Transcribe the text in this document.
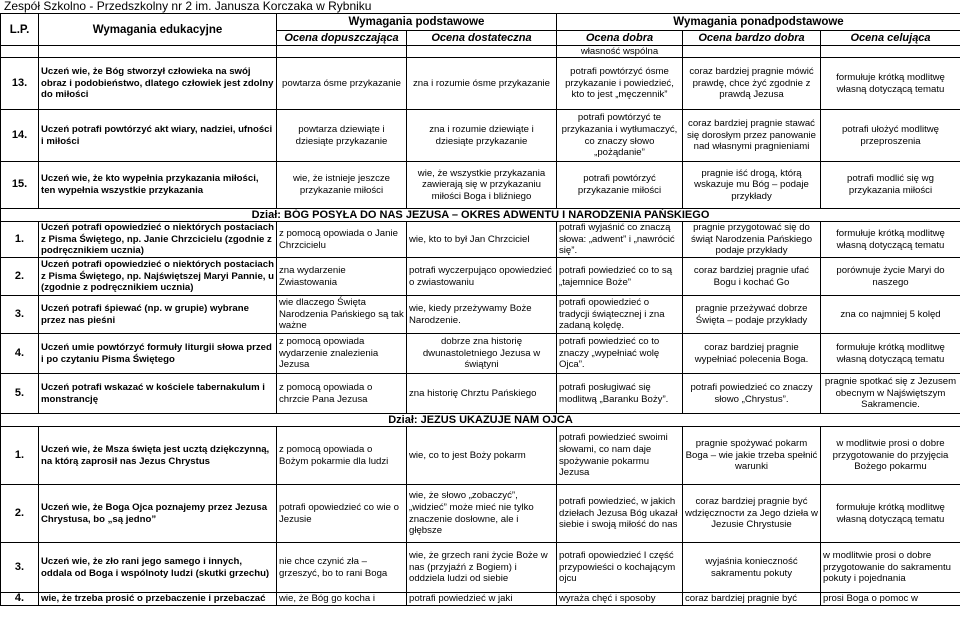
Zespół Szkolno - Przedszkolny nr 2 im. Janusza Korczaka w Rybniku
L.P.	Wymagania edukacyjne	Wymagania podstawowe		Wymagania ponadpodstawowe		
		Ocena dopuszczająca	Ocena dostateczna	Ocena dobra	Ocena bardzo dobra	Ocena celująca
				własność wspólna		
13.	Uczeń wie, że Bóg stworzył człowieka na swój obraz i podobieństwo, dlatego człowiek jest zdolny do miłości	powtarza ósme przykazanie	zna i rozumie ósme przykazanie	potrafi powtórzyć ósme przykazanie i powiedzieć, kto to jest „męczennik”	coraz bardziej pragnie mówić prawdę, chce żyć zgodnie z prawdą Jezusa	formułuje krótką modlitwę własną dotyczącą tematu
14.	Uczeń potrafi powtórzyć akt wiary, nadziei, ufności i miłości	powtarza dziewiąte i dziesiąte przykazanie	zna i rozumie dziewiąte i dziesiąte przykazanie	potrafi powtórzyć te przykazania i wytłumaczyć, co znaczy słowo „pożądanie”	coraz bardziej pragnie stawać się dorosłym przez panowanie nad własnymi pragnieniami	potrafi ułożyć modlitwę przeproszenia
15.	Uczeń wie, że kto wypełnia przykazania miłości, ten wypełnia wszystkie przykazania	wie, że istnieje jeszcze przykazanie miłości	wie, że wszystkie przykazania zawierają się w przykazaniu miłości Boga i bliźniego	potrafi powtórzyć przykazanie miłości	pragnie iść drogą, którą wskazuje mu Bóg – podaje przykłady	potrafi modlić się wg przykazania miłości
Dział: BÓG POSYŁA DO NAS JEZUSA – OKRES ADWENTU I NARODZENIA PAŃSKIEGO						
1.	Uczeń potrafi opowiedzieć o niektórych postaciach z Pisma Świętego, np. Janie Chrzcicielu (zgodnie z podręcznikiem uczniа)	z pomocą opowiada o Janie Chrzcicielu	wie, kto to był Jan Chrzciciel	potrafi wyjaśnić co znaczą słowa: „adwent” i „nawrócić się”.	pragnie przygotować się do świąt Narodzenia Pańskiego podaje przykłady	formułuje krótką modlitwę własną dotyczącą tematu
2.	Uczeń potrafi opowiedzieć o niektórych postaciach z Pisma Świętego, np. Najświętszej Maryi Pannie, u (zgodnie z podręcznikiem uczniа)	zna wydarzenie Zwiastowania	potrafi wyczerpująco opowiedzieć o zwiastowaniu	potrafi powiedzieć co to są „tajemnice Boże”	coraz bardziej pragnie ufać Bogu i kochać Go	porównuje życie Maryi do naszego
3.	Uczeń potrafi śpiewać (np. w grupie) wybrane przez nas pieśni	wie dlaczego Święta Narodzenia Pańskiego są tak ważne	wie, kiedy przeżywamy Boże Narodzenie.	potrafi opowiedzieć o tradycji świątecznej i zna zadaną kolędę.	pragnie przeżywać dobrze Święta – podaje przykłady	zna co najmniej 5 kolęd
4.	Uczeń umie powtórzyć formuły liturgii słowa przed i po czytaniu Pisma Świętego	z pomocą opowiada wydarzenie znalezienia Jezusa	dobrze zna historię dwunastoletniego Jezusa w świątyni	potrafi powiedzieć co to znaczy „wypełniać wolę Ojca”.	coraz bardziej pragnie wypełniać polecenia Boga.	formułuje krótką modlitwę własną dotyczącą tematu
5.	Uczeń potrafi wskazać w kościele tabernakulum i monstrancję	z pomocą opowiada o chrzcie Pana Jezusa	zna historię Chrztu Pańskiego	potrafi posługiwać się modlitwą „Baranku Boży”.	potrafi powiedzieć co znaczy słowo „Chrystus”.	pragnie spotkać się z Jezusem obecnym w Najświętszym Sakramencie.
Dział: JEZUS UKAZUJE NAM OJCA						
1.	Uczeń wie, że Msza święta jest ucztą dziękczynną, na którą zaprosił nas Jezus Chrystus	z pomocą opowiada o Bożym pokarmie dla ludzi	wie, co to jest Boży pokarm	potrafi powiedzieć swoimi słowami, co nam daje spożywanie pokarmu Jezusa	pragnie spożywać pokarm Boga – wie jakie trzeba spełnić warunki	w modlitwie prosi o dobre przygotowanie do przyjęcia Bożego pokarmu
2.	Uczeń wie, że Boga Ojca poznajemy przez Jezusa Chrystusa, bo „są jedno”	potrafi opowiedzieć co wie o Jezusie	wie, że słowo „zobaczyć”, „widzieć” może mieć nie tylko znaczenie dosłowne, ale i głębsze	potrafi powiedzieć, w jakich dziełach Jezusa Bóg ukazał siebie i swoją miłość do nas	coraz bardziej pragnie być wdzięcznости za Jego dzieła w Jezusie Chrystusie	formułuje krótką modlitwę własną dotyczącą tematu
3.	Uczeń wie, że zło rani jego samego i innych, oddala od Boga i wspólnoty ludzi (skutki grzechu)	nie chce czynić zła – grzeszyć, bo to rani Boga	wie, że grzech rani życie Boże w nas (przyjaźń z Bogiem) i oddziela ludzi od siebie	potrafi opowiedzieć I część przypowieści o kochającym ojcu	wyjaśnia konieczność sakramentu pokuty	w modlitwie prosi o dobre przygotowanie do sakramentu pokuty i pojednania
4.	wie, że trzeba prosić o przebaczenie i przebaczać	wie, że Bóg go kocha i	potrafi powiedzieć w jaki	wyraża chęć i sposoby	coraz bardziej pragnie być	prosi Boga o pomoc w
